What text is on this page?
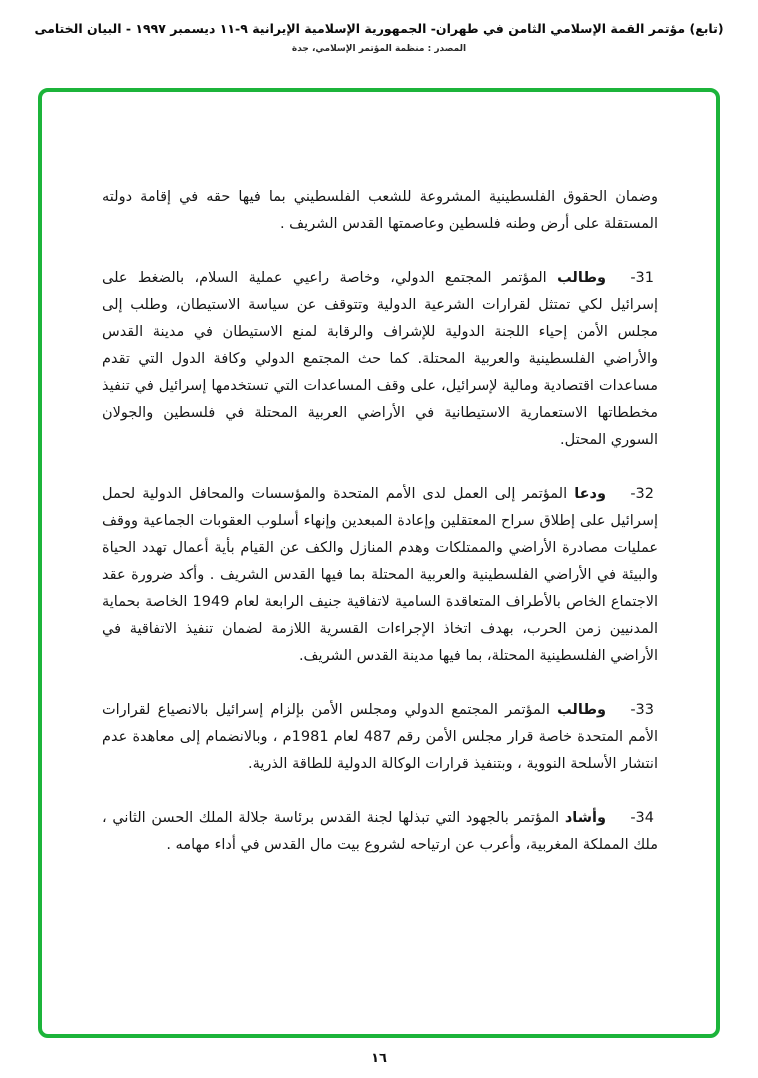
(تابع) مؤتمر القمة الإسلامي الثامن في طهران- الجمهورية الإسلامية الإيرانية ٩-١١ ديسمبر ١٩٩٧ - البيان الختامى
المصدر : منظمة المؤتمر الإسلامي، جدة

وضمان الحقوق الفلسطينية المشروعة للشعب الفلسطيني بما فيها حقه في إقامة دولته المستقلة على أرض وطنه فلسطين وعاصمتها القدس الشريف .

-31
وطالب المؤتمر المجتمع الدولي، وخاصة راعيي عملية السلام، بالضغط على إسرائيل لكي تمتثل لقرارات الشرعية الدولية وتتوقف عن سياسة الاستيطان، وطلب إلى مجلس الأمن إحياء اللجنة الدولية للإشراف والرقابة لمنع الاستيطان في مدينة القدس والأراضي الفلسطينية والعربية المحتلة. كما حث المجتمع الدولي وكافة الدول التي تقدم مساعدات اقتصادية ومالية لإسرائيل، على وقف المساعدات التي تستخدمها إسرائيل في تنفيذ مخططاتها الاستعمارية الاستيطانية في الأراضي العربية المحتلة في فلسطين والجولان السوري المحتل.

-32
ودعا المؤتمر إلى العمل لدى الأمم المتحدة والمؤسسات والمحافل الدولية لحمل إسرائيل على إطلاق سراح المعتقلين وإعادة المبعدين وإنهاء أسلوب العقوبات الجماعية ووقف عمليات مصادرة الأراضي والممتلكات وهدم المنازل والكف عن القيام بأية أعمال تهدد الحياة والبيئة في الأراضي الفلسطينية والعربية المحتلة بما فيها القدس الشريف . وأكد ضرورة عقد الاجتماع الخاص بالأطراف المتعاقدة السامية لاتفاقية جنيف الرابعة لعام 1949 الخاصة بحماية المدنيين زمن الحرب، بهدف اتخاذ الإجراءات القسرية اللازمة لضمان تنفيذ الاتفاقية في الأراضي الفلسطينية المحتلة، بما فيها مدينة القدس الشريف.

-33
وطالب المؤتمر المجتمع الدولي ومجلس الأمن بإلزام إسرائيل بالانصياع لقرارات الأمم المتحدة خاصة قرار مجلس الأمن رقم 487 لعام 1981م ، وبالانضمام إلى معاهدة عدم انتشار الأسلحة النووية ، وبتنفيذ قرارات الوكالة الدولية للطاقة الذرية.

-34
وأشاد المؤتمر بالجهود التي تبذلها لجنة القدس برئاسة جلالة الملك الحسن الثاني ، ملك المملكة المغربية، وأعرب عن ارتياحه لشروع بيت مال القدس في أداء مهامه .

١٦
